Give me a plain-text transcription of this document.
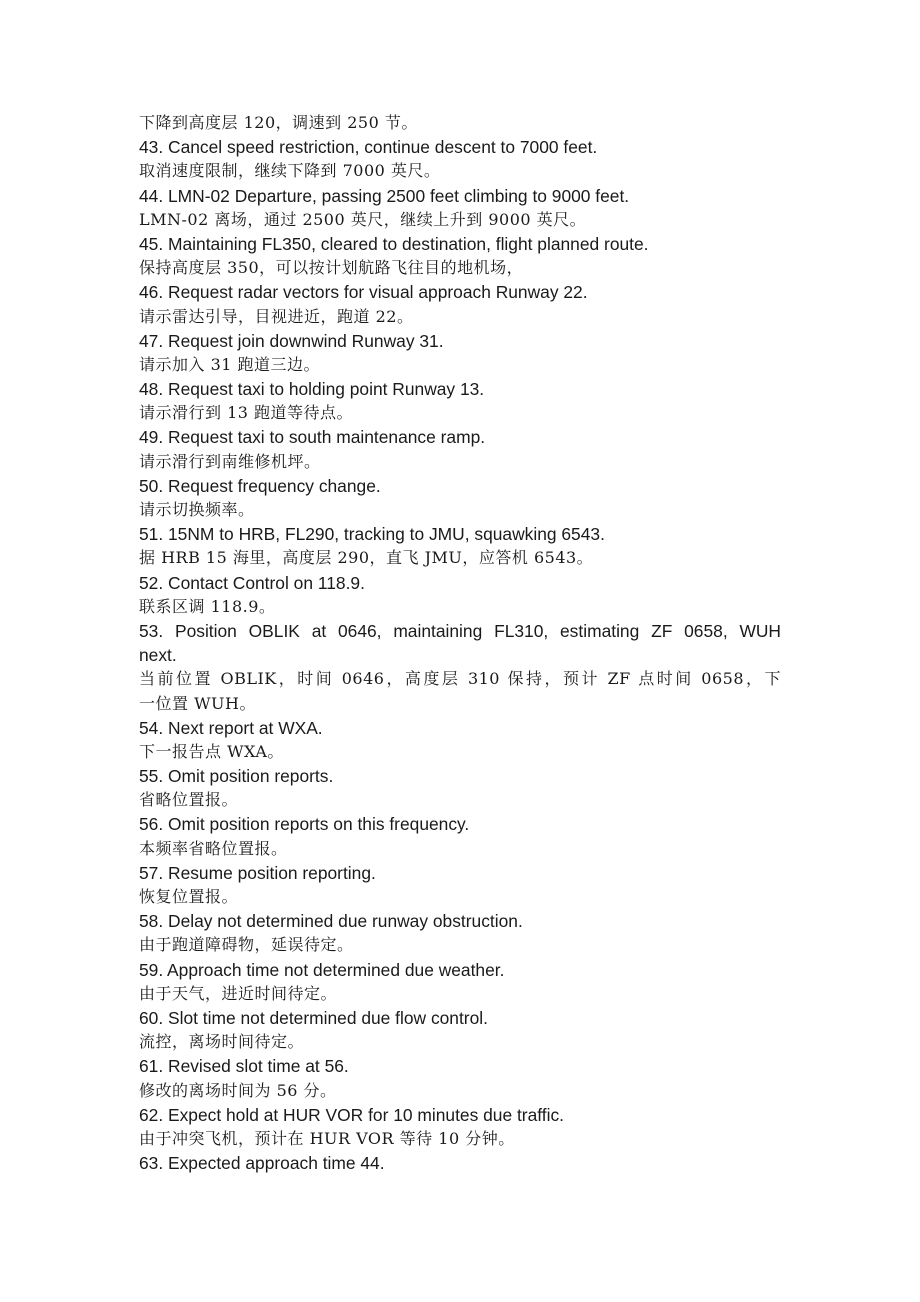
下降到高度层 120，调速到 250 节。
43. Cancel speed restriction, continue descent to 7000 feet.
取消速度限制，继续下降到 7000 英尺。
44. LMN-02 Departure, passing 2500 feet climbing to 9000 feet.
LMN-02 离场，通过 2500 英尺，继续上升到 9000 英尺。
45. Maintaining FL350, cleared to destination, flight planned route.
保持高度层 350，可以按计划航路飞往目的地机场，
46. Request radar vectors for visual approach Runway 22.
请示雷达引导，目视进近，跑道 22。
47. Request join downwind Runway 31.
请示加入 31 跑道三边。
48. Request taxi to holding point Runway 13.
请示滑行到 13 跑道等待点。
49. Request taxi to south maintenance ramp.
请示滑行到南维修机坪。
50. Request frequency change.
请示切换频率。
51. 15NM to HRB, FL290, tracking to JMU, squawking 6543.
据 HRB 15 海里，高度层 290，直飞 JMU，应答机 6543。
52. Contact Control on 118.9.
联系区调 118.9。
53. Position OBLIK at 0646, maintaining FL310, estimating ZF 0658, WUH
next.
当前位置 OBLIK，时间 0646，高度层 310 保持，预计 ZF 点时间 0658，下
一位置 WUH。
54. Next report at WXA.
下一报告点 WXA。
55. Omit position reports.
省略位置报。
56. Omit position reports on this frequency.
本频率省略位置报。
57. Resume position reporting.
恢复位置报。
58. Delay not determined due runway obstruction.
由于跑道障碍物，延误待定。
59. Approach time not determined due weather.
由于天气，进近时间待定。
60. Slot time not determined due flow control.
流控，离场时间待定。
61. Revised slot time at 56.
修改的离场时间为 56 分。
62. Expect hold at HUR VOR for 10 minutes due traffic.
由于冲突飞机，预计在 HUR VOR 等待 10 分钟。
63. Expected approach time 44.
